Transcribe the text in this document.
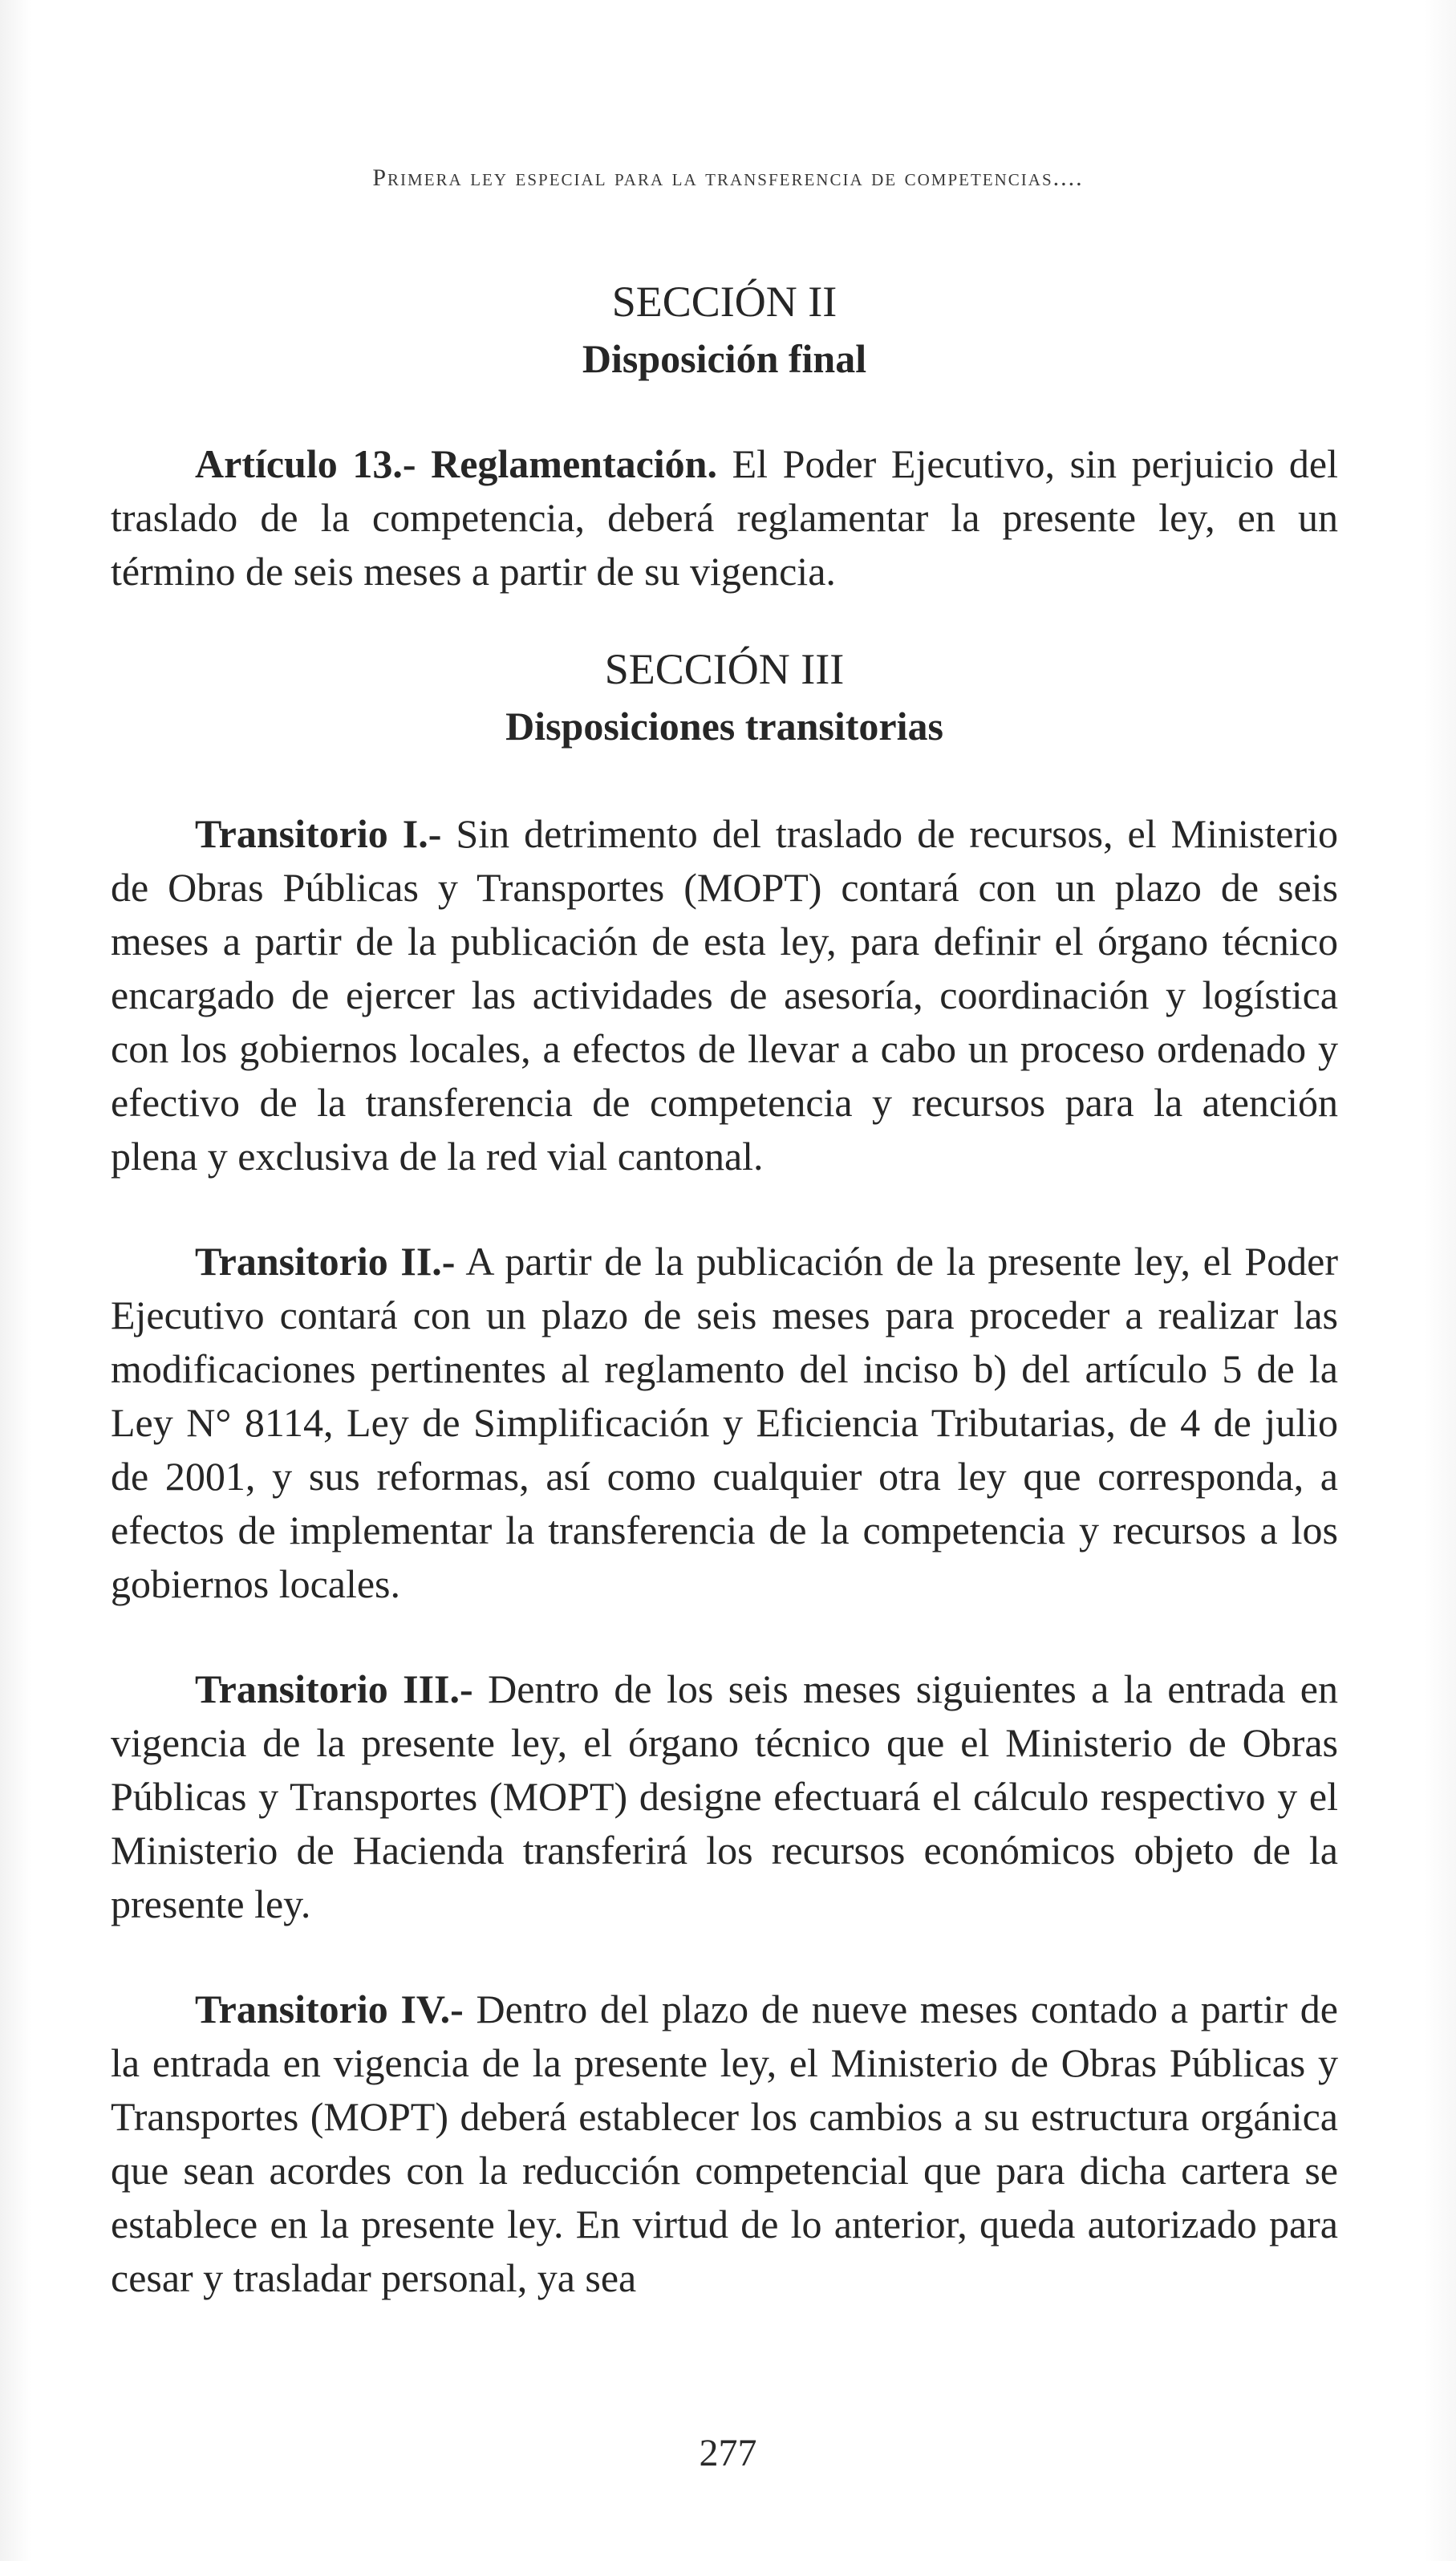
Primera ley especial para la transferencia de competencias....
SECCIÓN II
Disposición final

Artículo 13.- Reglamentación. El Poder Ejecutivo, sin perjuicio del traslado de la competencia, deberá reglamentar la presente ley, en un término de seis meses a partir de su vigencia.

SECCIÓN III
Disposiciones transitorias

Transitorio I.- Sin detrimento del traslado de recursos, el Ministerio de Obras Públicas y Transportes (MOPT) contará con un plazo de seis meses a partir de la publicación de esta ley, para definir el órgano técnico encargado de ejercer las actividades de asesoría, coordinación y logística con los gobiernos locales, a efectos de llevar a cabo un proceso ordenado y efectivo de la transferencia de competencia y recursos para la atención plena y exclusiva de la red vial cantonal.

Transitorio II.- A partir de la publicación de la presente ley, el Poder Ejecutivo contará con un plazo de seis meses para proceder a realizar las modificaciones pertinentes al reglamento del inciso b) del artículo 5 de la Ley N° 8114, Ley de Simplificación y Eficiencia Tributarias, de 4 de julio de 2001, y sus reformas, así como cualquier otra ley que corresponda, a efectos de implementar la transferencia de la competencia y recursos a los gobiernos locales.

Transitorio III.- Dentro de los seis meses siguientes a la entrada en vigencia de la presente ley, el órgano técnico que el Ministerio de Obras Públicas y Transportes (MOPT) designe efectuará el cálculo respectivo y el Ministerio de Hacienda transferirá los recursos económicos objeto de la presente ley.

Transitorio IV.- Dentro del plazo de nueve meses contado a partir de la entrada en vigencia de la presente ley, el Ministerio de Obras Públicas y Transportes (MOPT) deberá establecer los cambios a su estructura orgánica que sean acordes con la reducción competencial que para dicha cartera se establece en la presente ley. En virtud de lo anterior, queda autorizado para cesar y trasladar personal, ya sea

277
